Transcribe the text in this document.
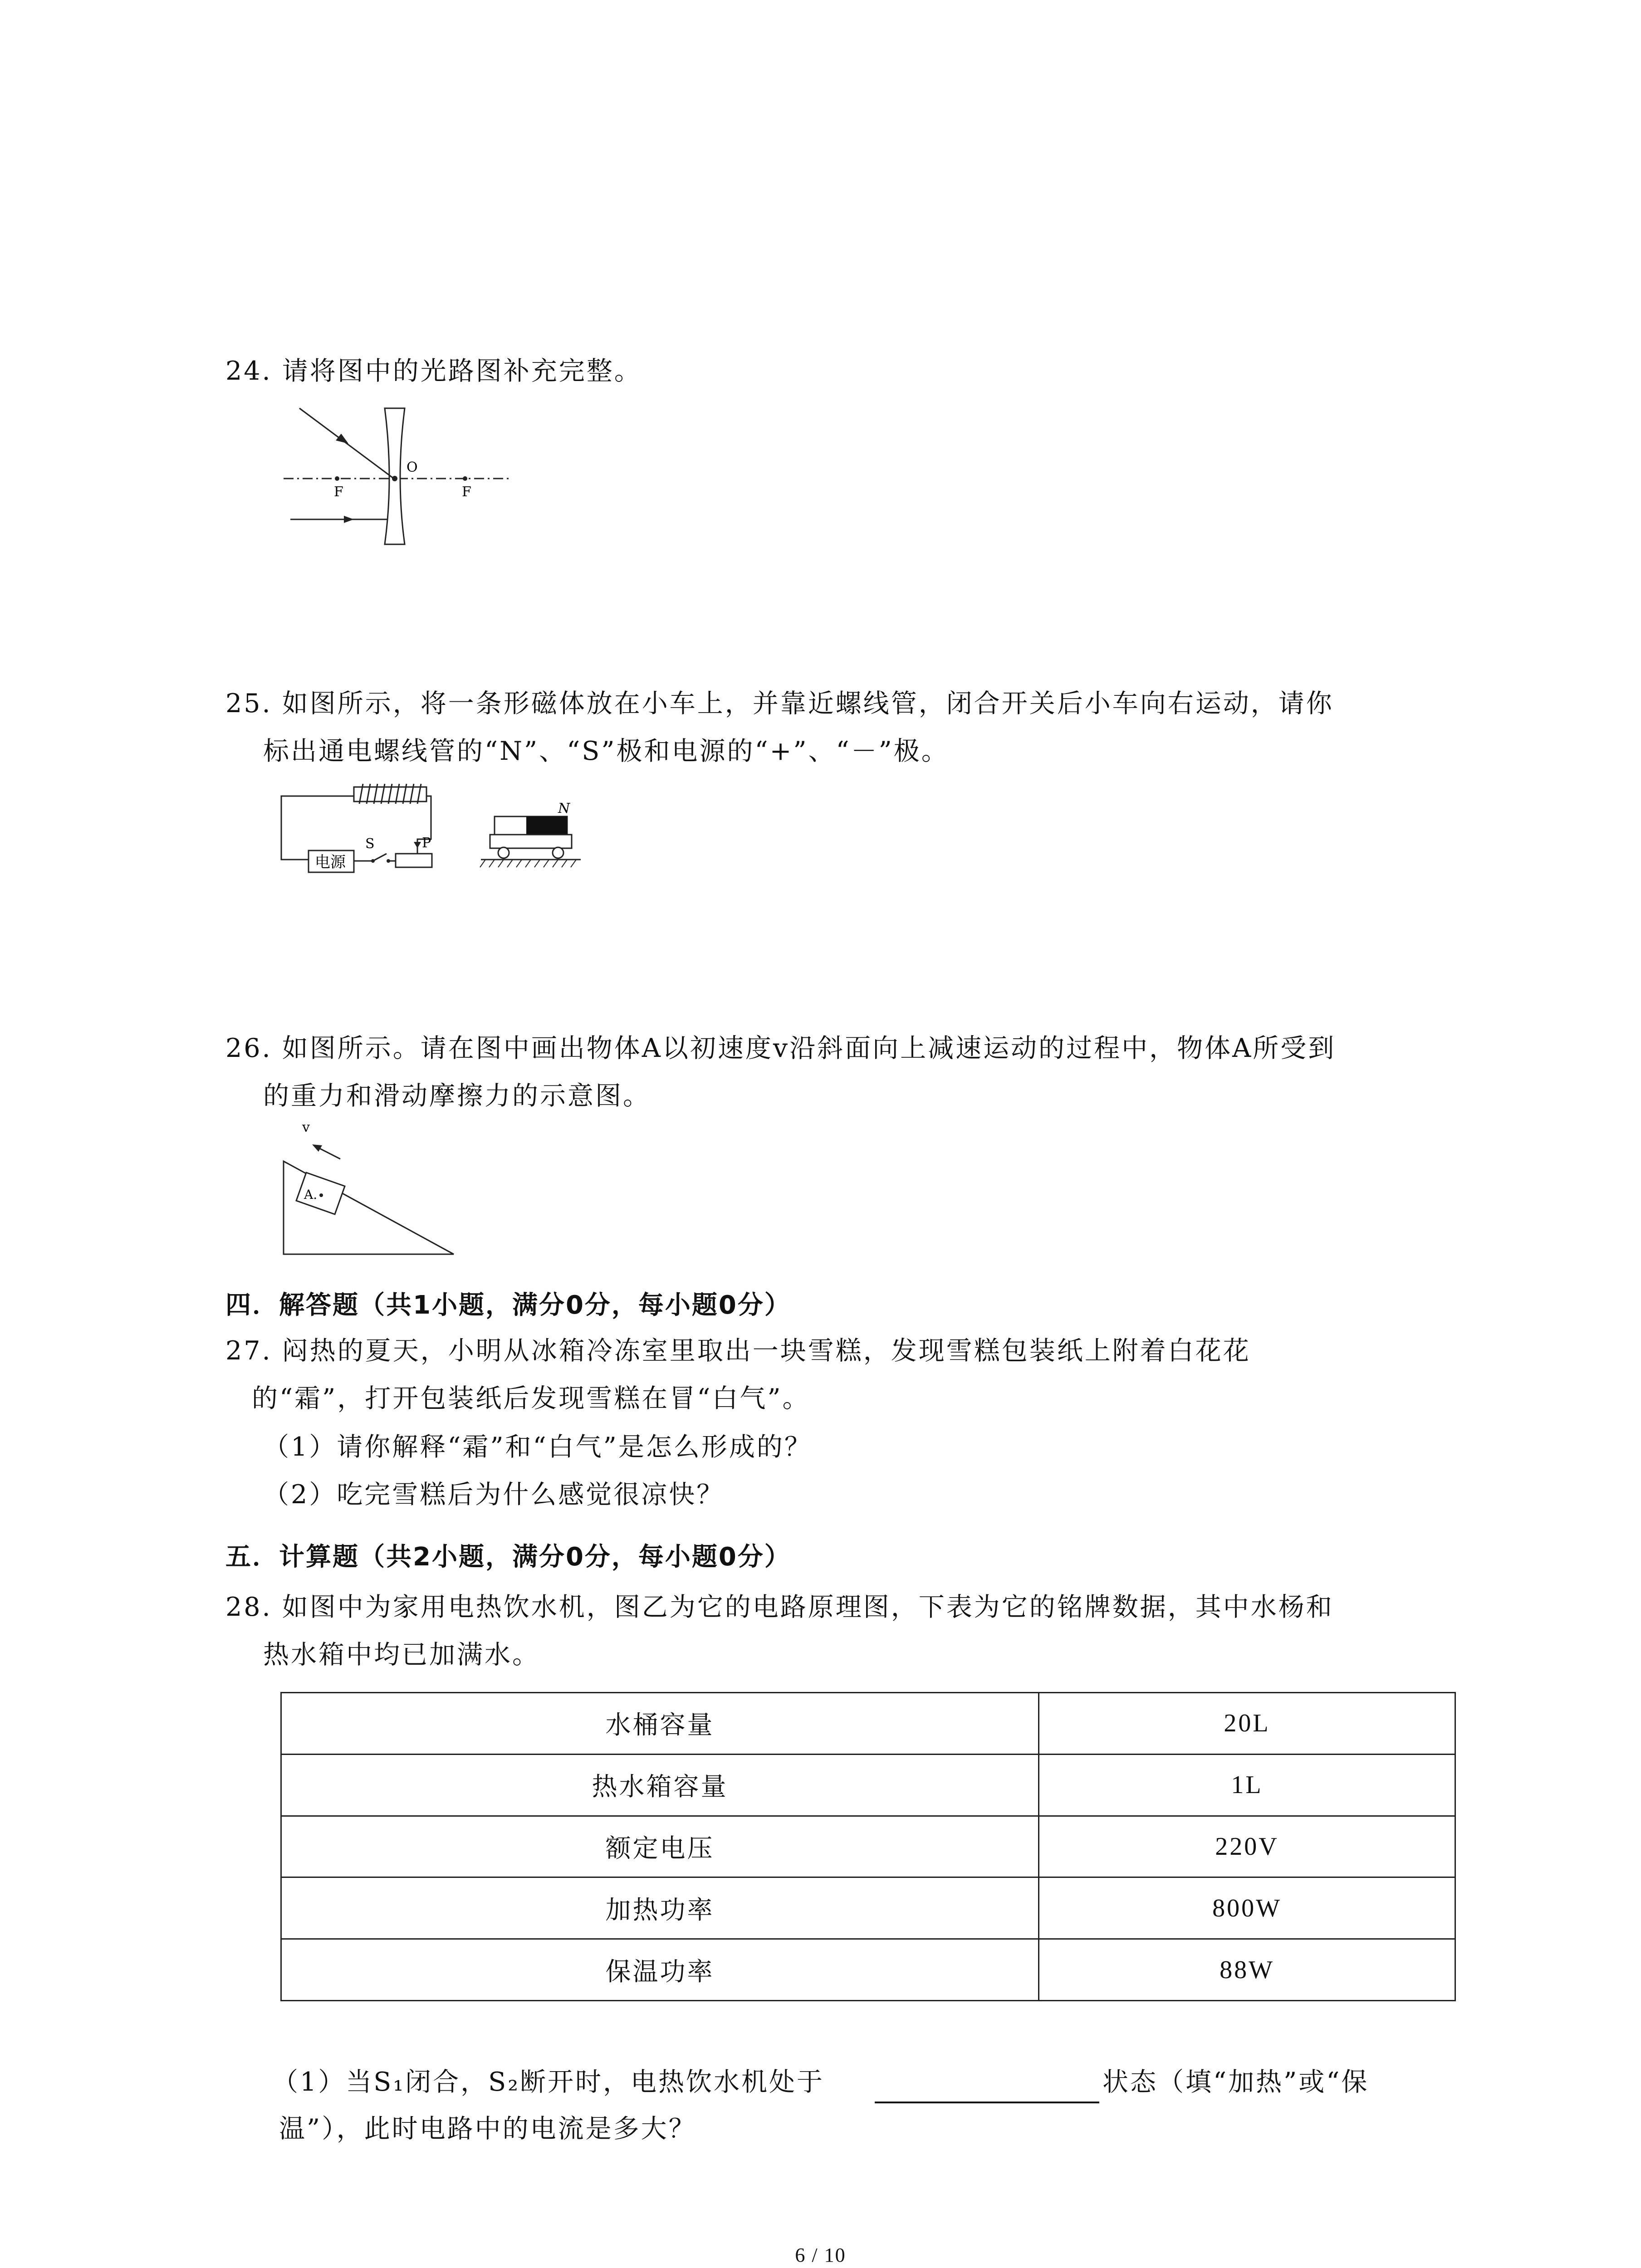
24. 请将图中的光路图补充完整。
F
O
F
25. 如图所示，将一条形磁体放在小车上，并靠近螺线管，闭合开关后小车向右运动，请你
标出通电螺线管的“N”、“S”极和电源的“+”、“－”极。
电源
S	P
N
26. 如图所示。请在图中画出物体A以初速度v沿斜面向上减速运动的过程中，物体A所受到
的重力和滑动摩擦力的示意图。
A.
v
四．解答题（共1小题，满分0分，每小题0分）
27. 闷热的夏天，小明从冰箱冷冻室里取出一块雪糕，发现雪糕包装纸上附着白花花
的“霜”，打开包装纸后发现雪糕在冒“白气”。
（1）请你解释“霜”和“白气”是怎么形成的？
（2）吃完雪糕后为什么感觉很凉快？
五．计算题（共2小题，满分0分，每小题0分）
28. 如图中为家用电热饮水机，图乙为它的电路原理图，下表为它的铭牌数据，其中水杨和
热水箱中均已加满水。
水桶容量	20L
热水箱容量	1L
额定电压	220V
加热功率	800W
保温功率	88W
（1）当S₁闭合，S₂断开时，电热饮水机处于	状态（填“加热”或“保
温”），此时电路中的电流是多大？
6 / 10
